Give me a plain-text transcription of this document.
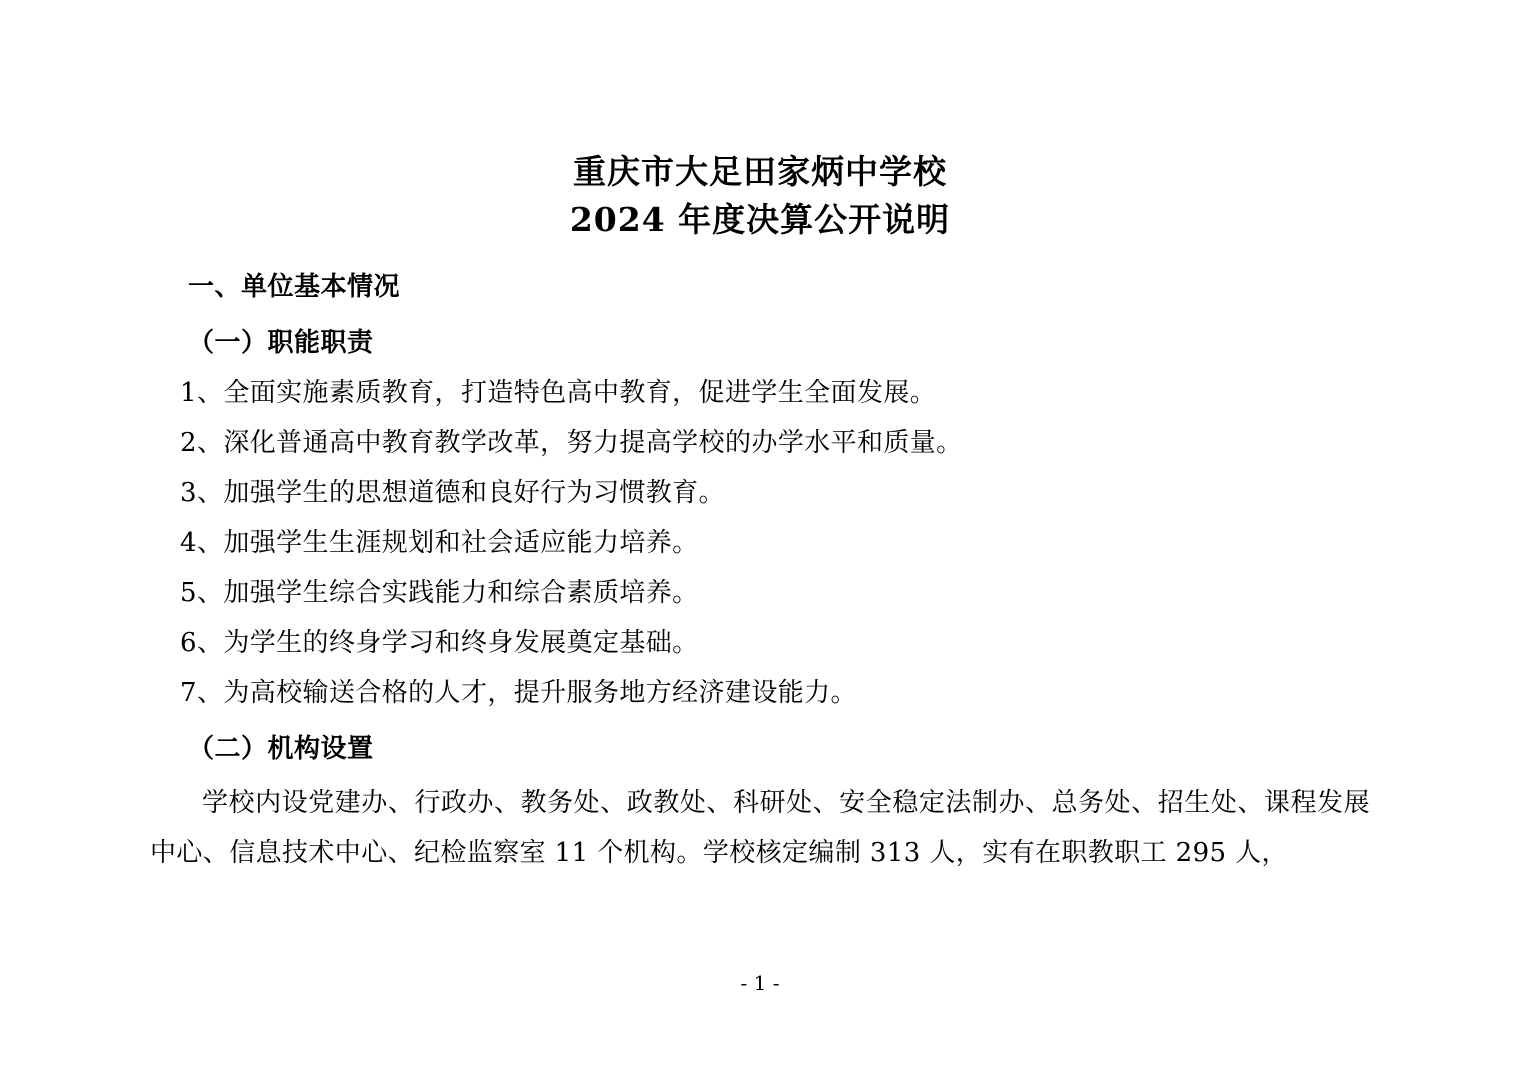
重庆市大足田家炳中学校
2024 年度决算公开说明
一、单位基本情况
（一）职能职责
1、全面实施素质教育，打造特色高中教育，促进学生全面发展。
2、深化普通高中教育教学改革，努力提高学校的办学水平和质量。
3、加强学生的思想道德和良好行为习惯教育。
4、加强学生生涯规划和社会适应能力培养。
5、加强学生综合实践能力和综合素质培养。
6、为学生的终身学习和终身发展奠定基础。
7、为高校输送合格的人才，提升服务地方经济建设能力。
（二）机构设置

学校内设党建办、行政办、教务处、政教处、科研处、安全稳定法制办、总务处、招生处、课程发展中心、信息技术中心、纪检监察室 11 个机构。学校核定编制 313 人，实有在职教职工 295 人，

- 1 -
